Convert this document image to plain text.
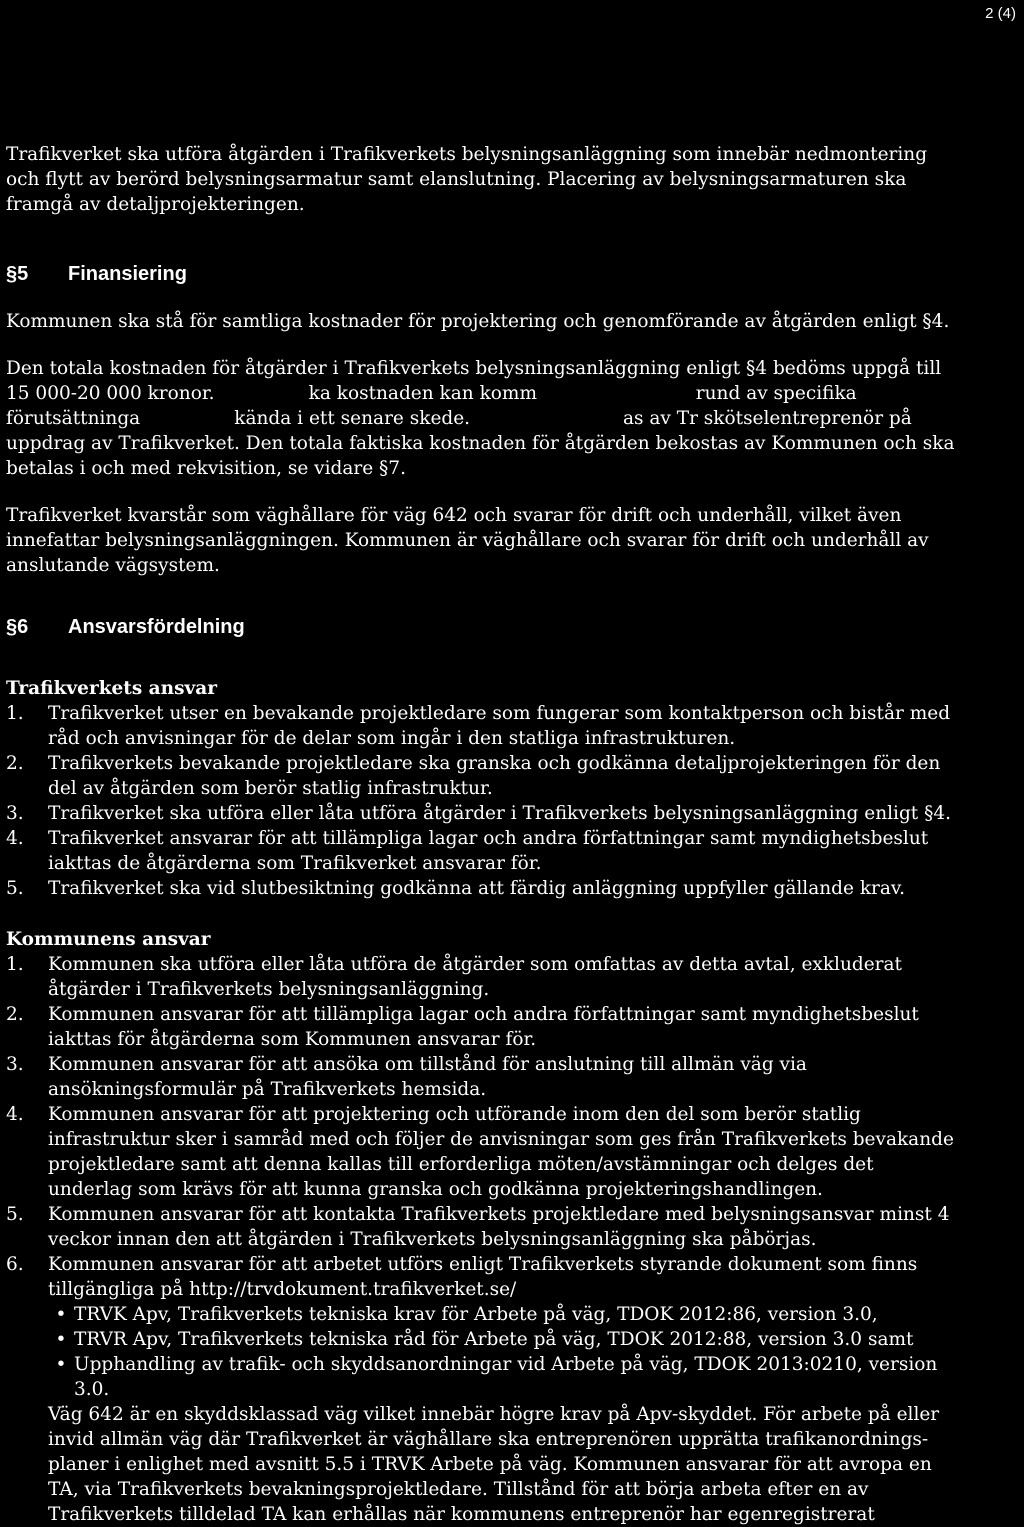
2 (4)

Trafikverket ska utföra åtgärden i Trafikverkets belysningsanläggning som innebär nedmontering och flytt av berörd belysningsarmatur samt elanslutning. Placering av belysningsarmaturen ska framgå av detaljprojekteringen.

§5	Finansiering

Kommunen ska stå för samtliga kostnader för projektering och genomförande av åtgärden enligt §4.

Den totala kostnaden för åtgärder i Trafikverkets belysningsanläggning enligt §4 bedöms uppgå till 15 000-20 000 kronor.                ka kostnaden kan komm                           rund av specifika förutsättninga                kända i ett senare skede.                          as av Tr skötselentreprenör på uppdrag av Trafikverket. Den totala faktiska kostnaden för åtgärden bekostas av Kommunen och ska betalas i och med rekvisition, se vidare §7.

Trafikverket kvarstår som väghållare för väg 642 och svarar för drift och underhåll, vilket även innefattar belysningsanläggningen. Kommunen är väghållare och svarar för drift och underhåll av anslutande vägsystem.

§6	Ansvarsfördelning

Trafikverkets ansvar

1.	Trafikverket utser en bevakande projektledare som fungerar som kontaktperson och bistår med råd och anvisningar för de delar som ingår i den statliga infrastrukturen.
2.	Trafikverkets bevakande projektledare ska granska och godkänna detaljprojekteringen för den del av åtgärden som berör statlig infrastruktur.
3.	Trafikverket ska utföra eller låta utföra åtgärder i Trafikverkets belysningsanläggning enligt §4.
4.	Trafikverket ansvarar för att tillämpliga lagar och andra författningar samt myndighetsbeslut iakttas de åtgärderna som Trafikverket ansvarar för.
5.	Trafikverket ska vid slutbesiktning godkänna att färdig anläggning uppfyller gällande krav.

Kommunens ansvar

1.	Kommunen ska utföra eller låta utföra de åtgärder som omfattas av detta avtal, exkluderat åtgärder i Trafikverkets belysningsanläggning.
2.	Kommunen ansvarar för att tillämpliga lagar och andra författningar samt myndighetsbeslut iakttas för åtgärderna som Kommunen ansvarar för.
3.	Kommunen ansvarar för att ansöka om tillstånd för anslutning till allmän väg via ansökningsformulär på Trafikverkets hemsida.
4.	Kommunen ansvarar för att projektering och utförande inom den del som berör statlig infrastruktur sker i samråd med och följer de anvisningar som ges från Trafikverkets bevakande projektledare samt att denna kallas till erforderliga möten/avstämningar och delges det underlag som krävs för att kunna granska och godkänna projekteringshandlingen.
5.	Kommunen ansvarar för att kontakta Trafikverkets projektledare med belysningsansvar minst 4 veckor innan den att åtgärden i Trafikverkets belysningsanläggning ska påbörjas.
6.	Kommunen ansvarar för att arbetet utförs enligt Trafikverkets styrande dokument som finns tillgängliga på http://trvdokument.trafikverket.se/
• TRVK Apv, Trafikverkets tekniska krav för Arbete på väg, TDOK 2012:86, version 3.0,
• TRVR Apv, Trafikverkets tekniska råd för Arbete på väg, TDOK 2012:88, version 3.0 samt
• Upphandling av trafik- och skyddsanordningar vid Arbete på väg, TDOK 2013:0210, version 3.0.
Väg 642 är en skyddsklassad väg vilket innebär högre krav på Apv-skyddet. För arbete på eller invid allmän väg där Trafikverket är väghållare ska entreprenören upprätta trafikanordnings-planer i enlighet med avsnitt 5.5 i TRVK Arbete på väg. Kommunen ansvarar för att avropa en TA, via Trafikverkets bevakningsprojektledare. Tillstånd för att börja arbeta efter en av Trafikverkets tilldelad TA kan erhållas när kommunens entreprenör har egenregistrerat
